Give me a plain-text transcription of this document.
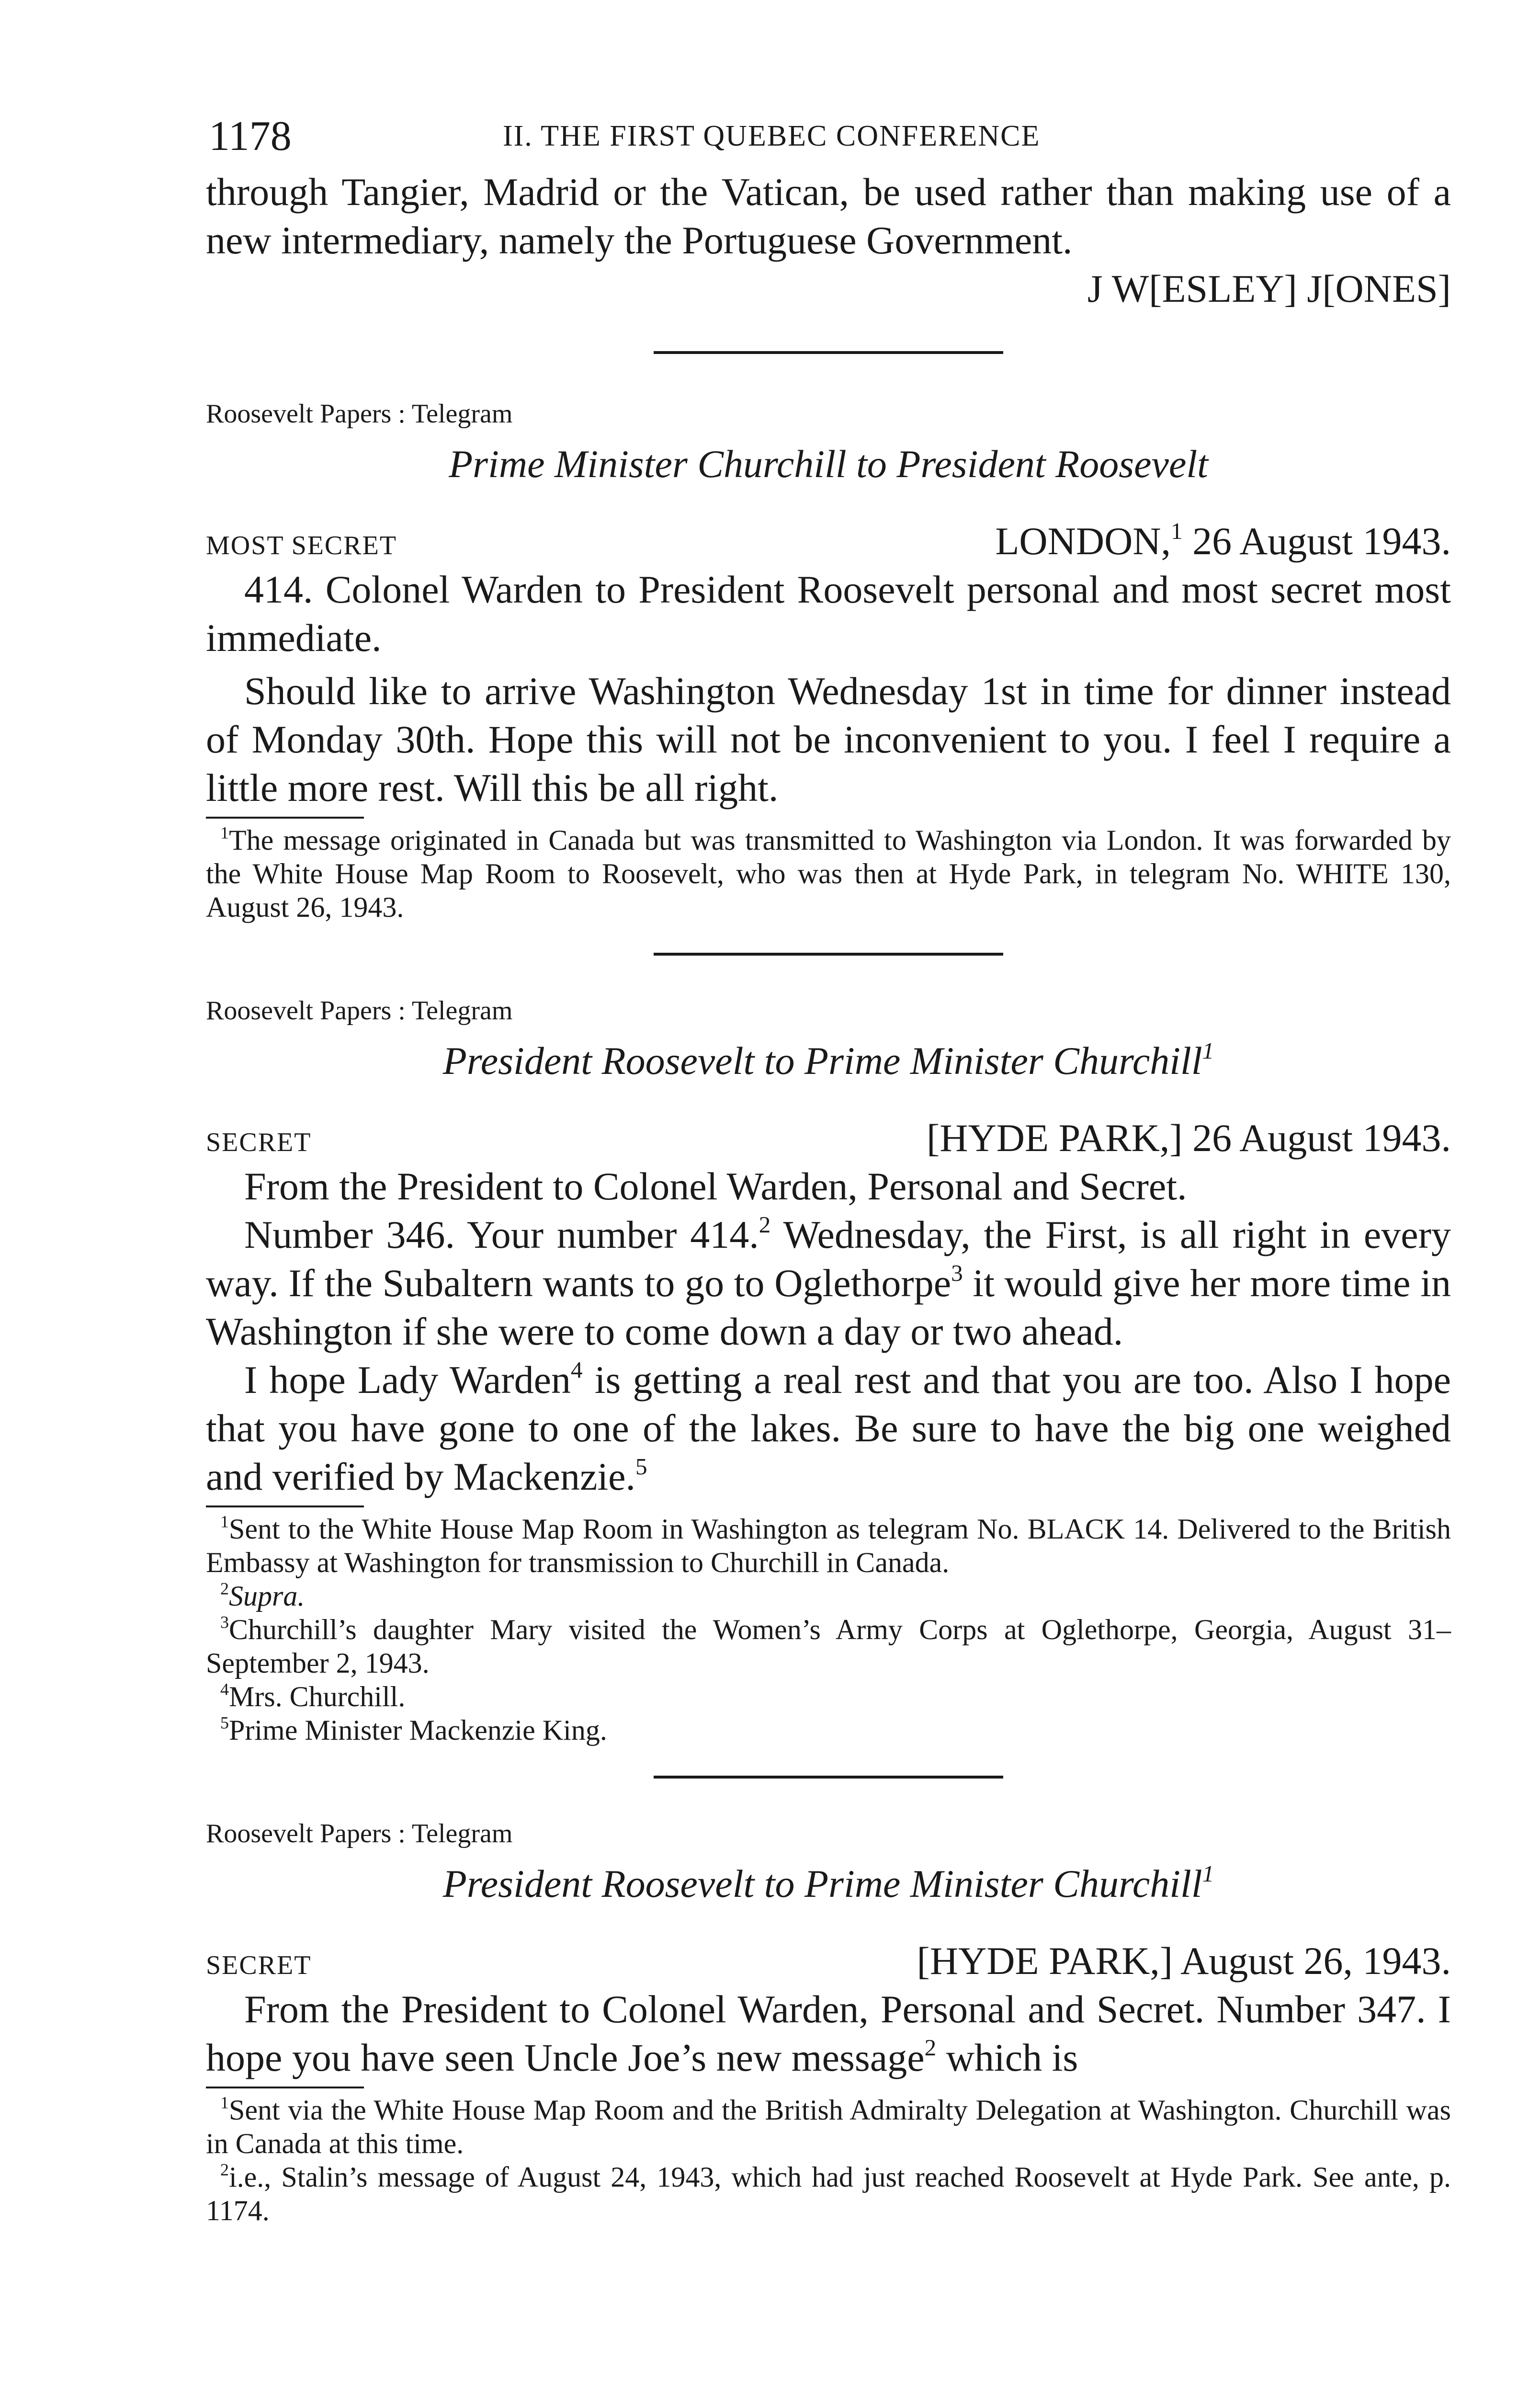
1178	II. THE FIRST QUEBEC CONFERENCE

through Tangier, Madrid or the Vatican, be used rather than making use of a new intermediary, namely the Portuguese Government.

J W[ESLEY] J[ONES]

Roosevelt Papers : Telegram

Prime Minister Churchill to President Roosevelt

MOST SECRET	LONDON,$^1$ 26 August 1943.

414. Colonel Warden to President Roosevelt personal and most secret most immediate.

Should like to arrive Washington Wednesday 1st in time for dinner instead of Monday 30th. Hope this will not be inconvenient to you. I feel I require a little more rest. Will this be all right.

$^1$The message originated in Canada but was transmitted to Washington via London. It was forwarded by the White House Map Room to Roosevelt, who was then at Hyde Park, in telegram No. WHITE 130, August 26, 1943.

Roosevelt Papers : Telegram

President Roosevelt to Prime Minister Churchill$^1$

SECRET	[HYDE PARK,] 26 August 1943.

From the President to Colonel Warden, Personal and Secret.

Number 346. Your number 414.$^2$ Wednesday, the First, is all right in every way. If the Subaltern wants to go to Oglethorpe$^3$ it would give her more time in Washington if she were to come down a day or two ahead.

I hope Lady Warden$^4$ is getting a real rest and that you are too. Also I hope that you have gone to one of the lakes. Be sure to have the big one weighed and verified by Mackenzie.$^5$

$^1$Sent to the White House Map Room in Washington as telegram No. BLACK 14. Delivered to the British Embassy at Washington for transmission to Churchill in Canada.

$^2$Supra.

$^3$Churchill’s daughter Mary visited the Women’s Army Corps at Oglethorpe, Georgia, August 31–September 2, 1943.

$^4$Mrs. Churchill.

$^5$Prime Minister Mackenzie King.

Roosevelt Papers : Telegram

President Roosevelt to Prime Minister Churchill$^1$

SECRET	[HYDE PARK,] August 26, 1943.

From the President to Colonel Warden, Personal and Secret. Number 347. I hope you have seen Uncle Joe’s new message$^2$ which is

$^1$Sent via the White House Map Room and the British Admiralty Delegation at Washington. Churchill was in Canada at this time.

$^2$i.e., Stalin’s message of August 24, 1943, which had just reached Roosevelt at Hyde Park. See ante, p. 1174.
